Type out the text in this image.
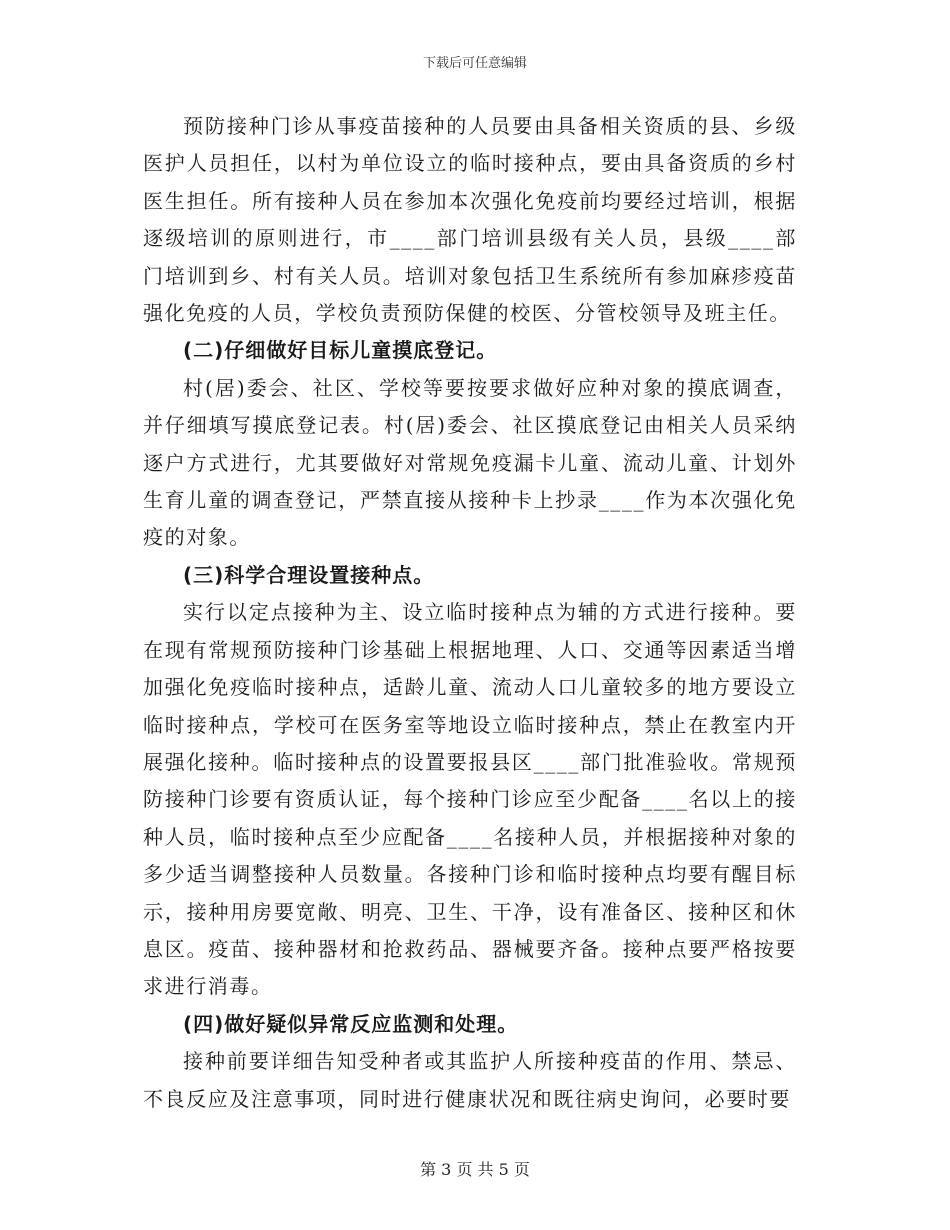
下载后可任意编辑

预防接种门诊从事疫苗接种的人员要由具备相关资质的县、乡级医护人员担任，以村为单位设立的临时接种点，要由具备资质的乡村医生担任。所有接种人员在参加本次强化免疫前均要经过培训，根据逐级培训的原则进行，市____部门培训县级有关人员，县级____部门培训到乡、村有关人员。培训对象包括卫生系统所有参加麻疹疫苗强化免疫的人员，学校负责预防保健的校医、分管校领导及班主任。

(二)仔细做好目标儿童摸底登记。

村(居)委会、社区、学校等要按要求做好应种对象的摸底调查，并仔细填写摸底登记表。村(居)委会、社区摸底登记由相关人员采纳逐户方式进行，尤其要做好对常规免疫漏卡儿童、流动儿童、计划外生育儿童的调查登记，严禁直接从接种卡上抄录____作为本次强化免疫的对象。

(三)科学合理设置接种点。

实行以定点接种为主、设立临时接种点为辅的方式进行接种。要在现有常规预防接种门诊基础上根据地理、人口、交通等因素适当增加强化免疫临时接种点，适龄儿童、流动人口儿童较多的地方要设立临时接种点，学校可在医务室等地设立临时接种点，禁止在教室内开展强化接种。临时接种点的设置要报县区____部门批准验收。常规预防接种门诊要有资质认证，每个接种门诊应至少配备____名以上的接种人员，临时接种点至少应配备____名接种人员，并根据接种对象的多少适当调整接种人员数量。各接种门诊和临时接种点均要有醒目标示，接种用房要宽敞、明亮、卫生、干净，设有准备区、接种区和休息区。疫苗、接种器材和抢救药品、器械要齐备。接种点要严格按要求进行消毒。

(四)做好疑似异常反应监测和处理。

接种前要详细告知受种者或其监护人所接种疫苗的作用、禁忌、不良反应及注意事项，同时进行健康状况和既往病史询问，必要时要

第 3 页 共 5 页
